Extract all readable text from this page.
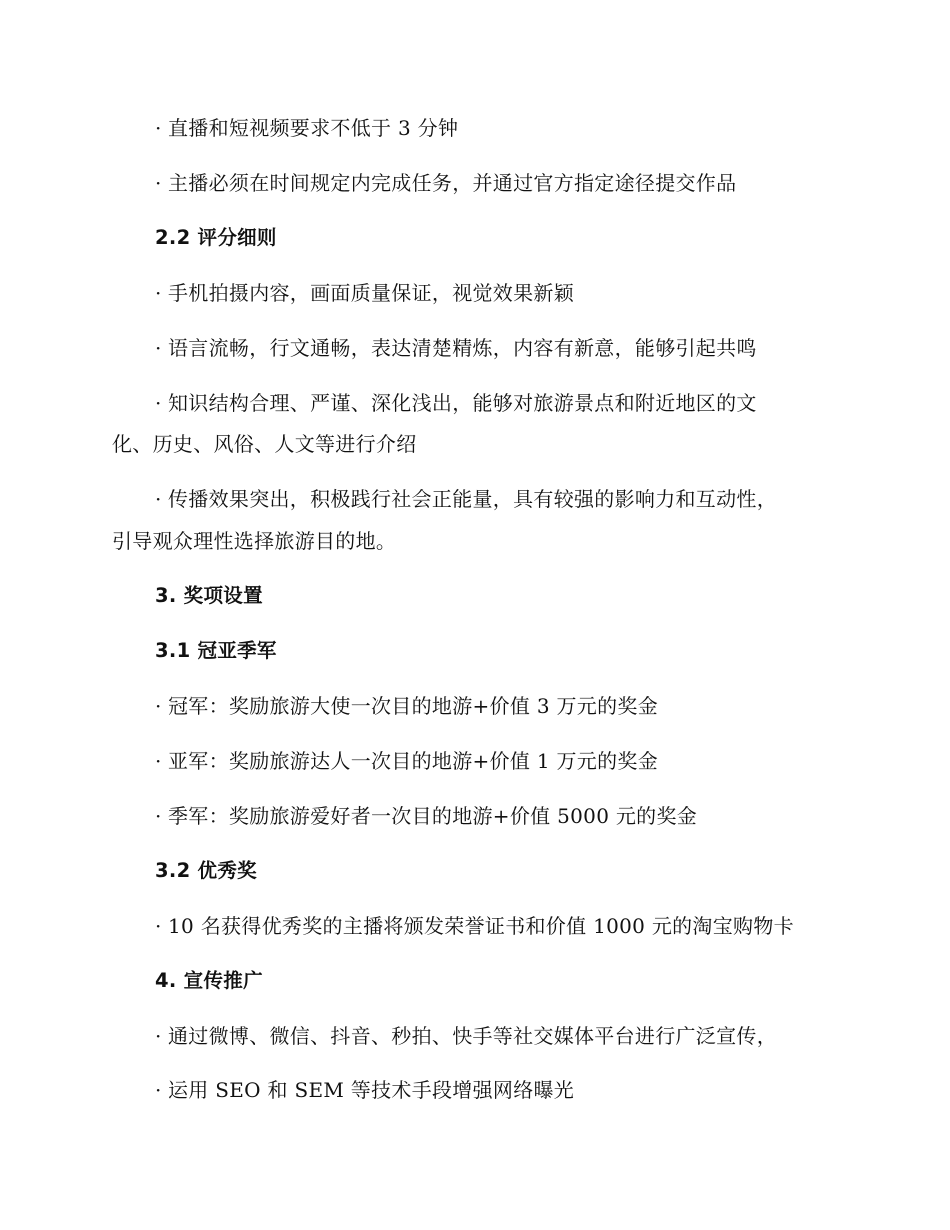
· 直播和短视频要求不低于 3 分钟
· 主播必须在时间规定内完成任务，并通过官方指定途径提交作品
2.2 评分细则
· 手机拍摄内容，画面质量保证，视觉效果新颖
· 语言流畅，行文通畅，表达清楚精炼，内容有新意，能够引起共鸣
· 知识结构合理、严谨、深化浅出，能够对旅游景点和附近地区的文
化、历史、风俗、人文等进行介绍
· 传播效果突出，积极践行社会正能量，具有较强的影响力和互动性，
引导观众理性选择旅游目的地。
3. 奖项设置
3.1 冠亚季军
· 冠军：奖励旅游大使一次目的地游+价值 3 万元的奖金
· 亚军：奖励旅游达人一次目的地游+价值 1 万元的奖金
· 季军：奖励旅游爱好者一次目的地游+价值 5000 元的奖金
3.2 优秀奖
· 10 名获得优秀奖的主播将颁发荣誉证书和价值 1000 元的淘宝购物卡
4. 宣传推广
· 通过微博、微信、抖音、秒拍、快手等社交媒体平台进行广泛宣传，
· 运用 SEO 和 SEM 等技术手段增强网络曝光
